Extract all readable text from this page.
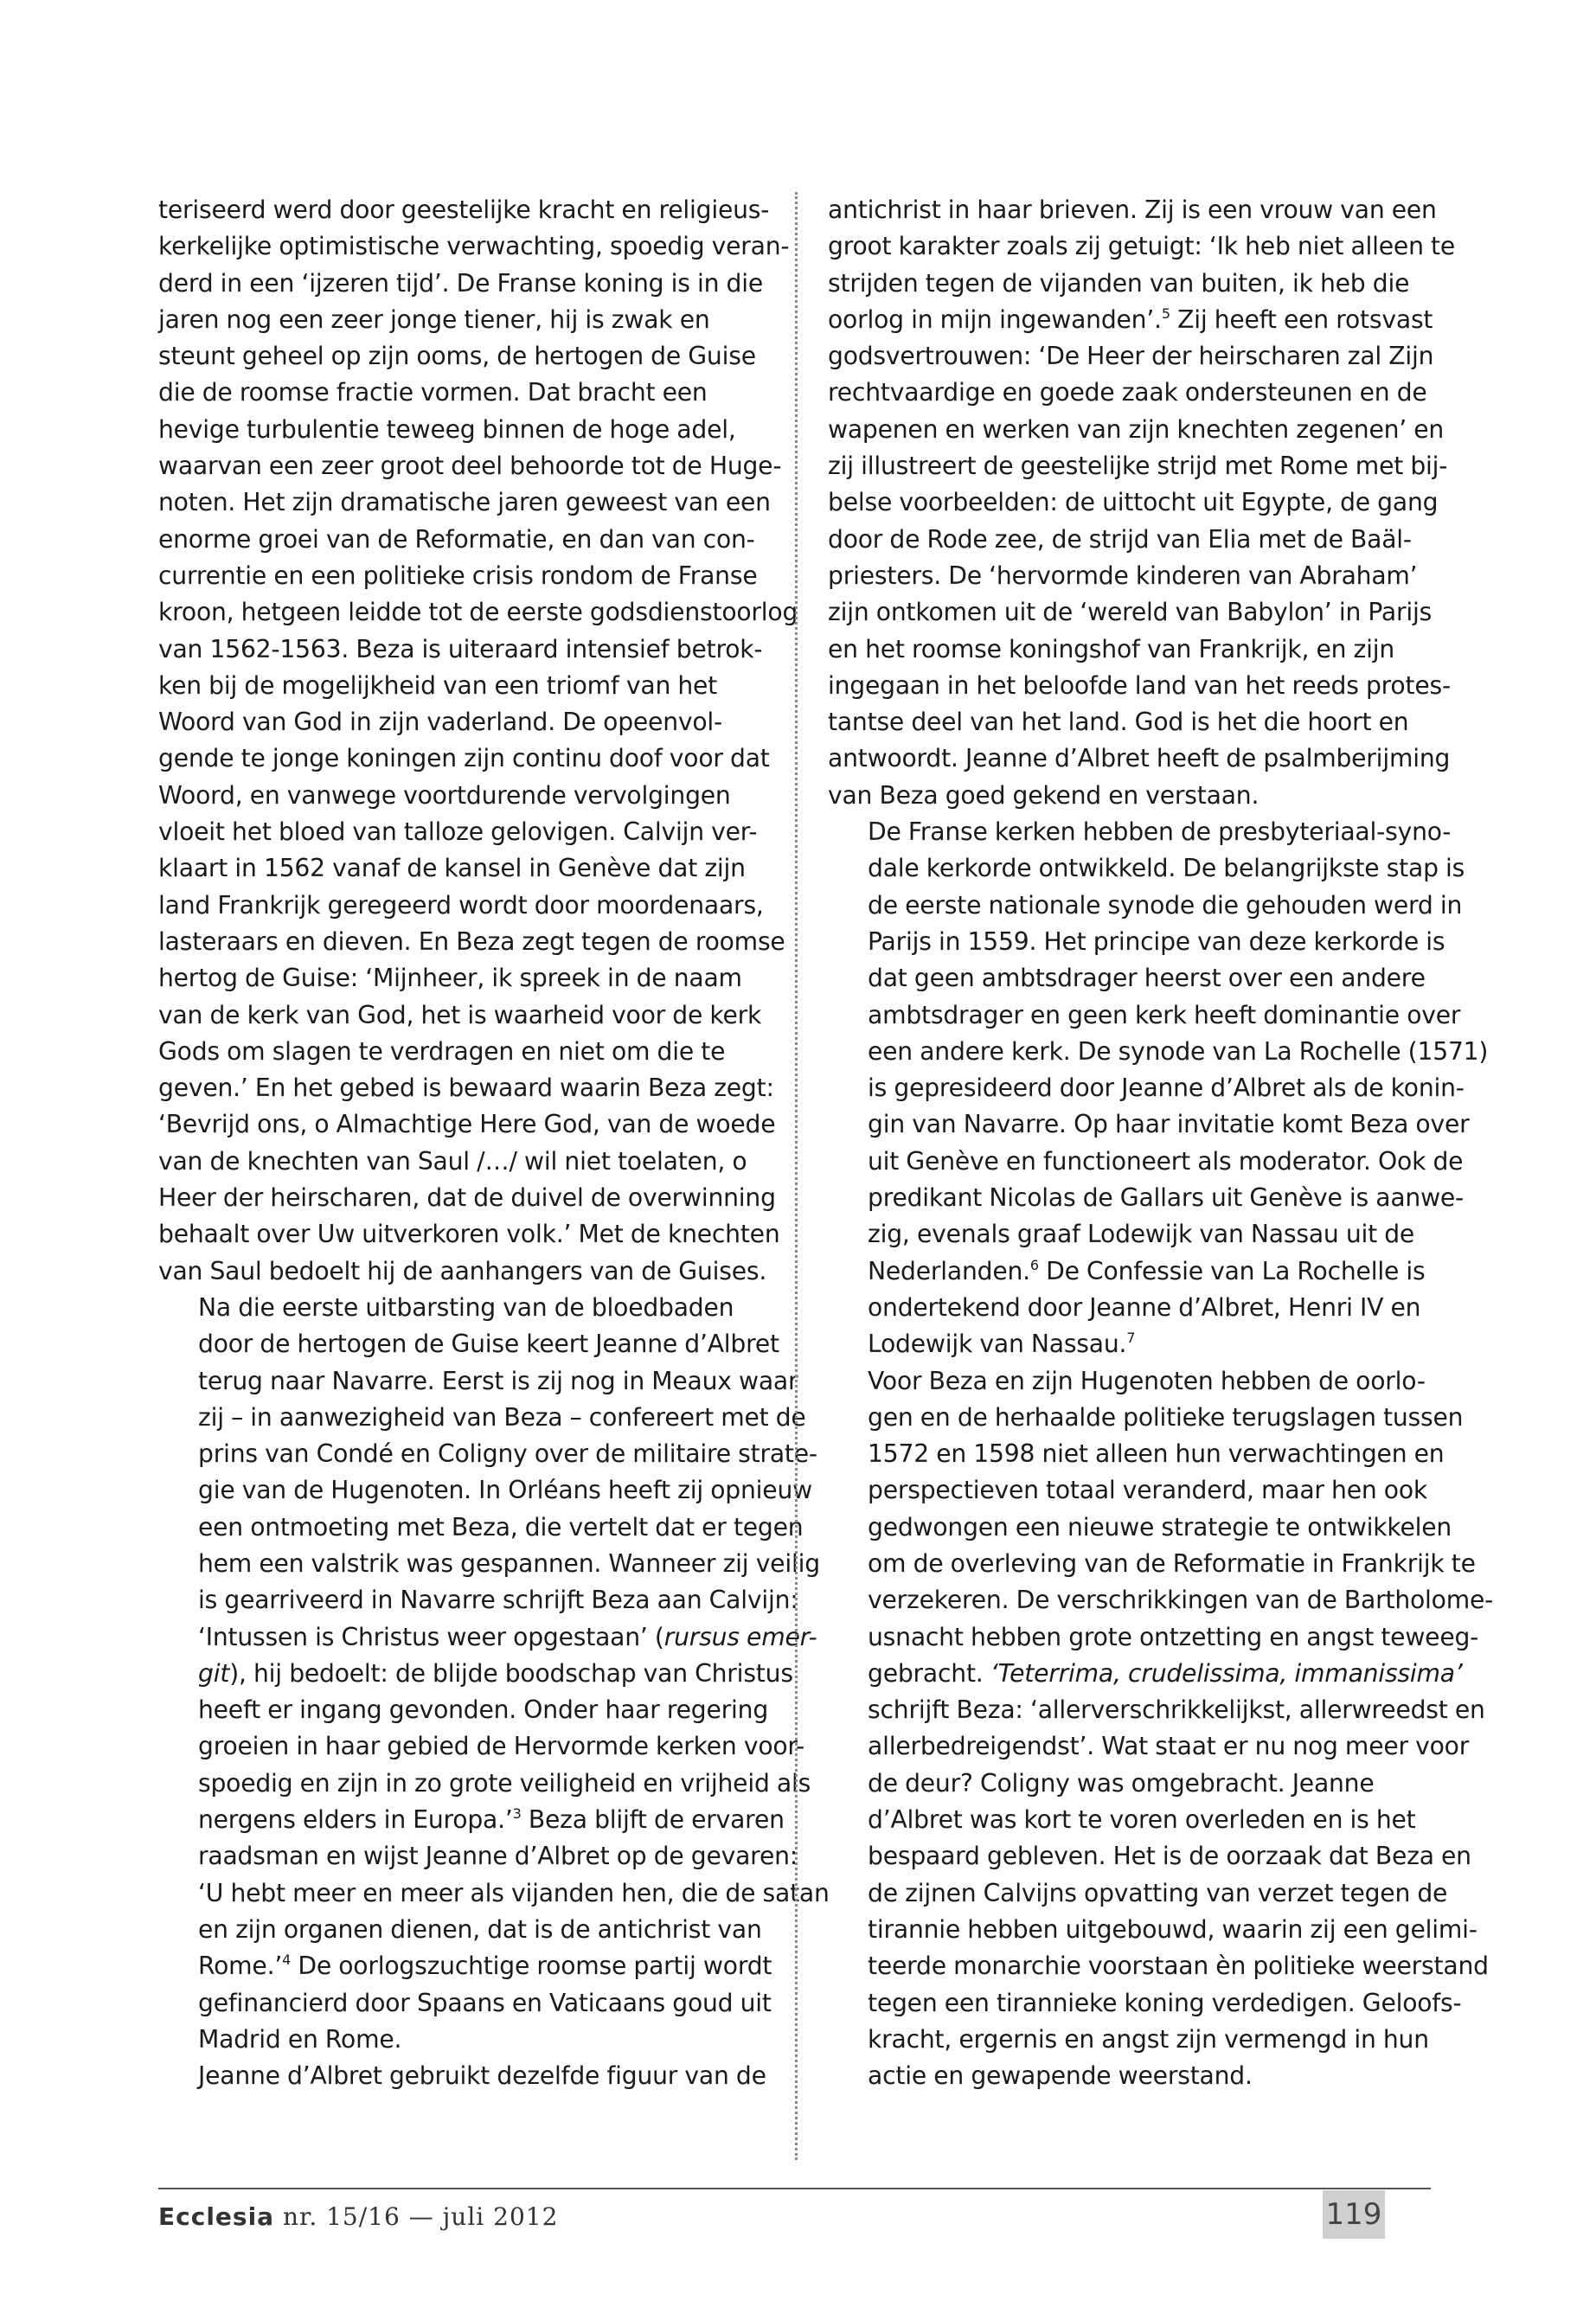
teriseerd werd door geestelijke kracht en religieus-
kerkelijke optimistische verwachting, spoedig veran-
derd in een ‘ijzeren tijd’. De Franse koning is in die
jaren nog een zeer jonge tiener, hij is zwak en
steunt geheel op zijn ooms, de hertogen de Guise
die de roomse fractie vormen. Dat bracht een
hevige turbulentie teweeg binnen de hoge adel,
waarvan een zeer groot deel behoorde tot de Huge-
noten. Het zijn dramatische jaren geweest van een
enorme groei van de Reformatie, en dan van con-
currentie en een politieke crisis rondom de Franse
kroon, hetgeen leidde tot de eerste godsdienstoorlog
van 1562-1563. Beza is uiteraard intensief betrok-
ken bij de mogelijkheid van een triomf van het
Woord van God in zijn vaderland. De opeenvol-
gende te jonge koningen zijn continu doof voor dat
Woord, en vanwege voortdurende vervolgingen
vloeit het bloed van talloze gelovigen. Calvijn ver-
klaart in 1562 vanaf de kansel in Genève dat zijn
land Frankrijk geregeerd wordt door moordenaars,
lasteraars en dieven. En Beza zegt tegen de roomse
hertog de Guise: ‘Mijnheer, ik spreek in de naam
van de kerk van God, het is waarheid voor de kerk
Gods om slagen te verdragen en niet om die te
geven.’ En het gebed is bewaard waarin Beza zegt:
‘Bevrijd ons, o Almachtige Here God, van de woede
van de knechten van Saul /…/ wil niet toelaten, o
Heer der heirscharen, dat de duivel de overwinning
behaalt over Uw uitverkoren volk.’ Met de knechten
van Saul bedoelt hij de aanhangers van de Guises.

Na die eerste uitbarsting van de bloedbaden
door de hertogen de Guise keert Jeanne d’Albret
terug naar Navarre. Eerst is zij nog in Meaux waar
zij – in aanwezigheid van Beza – confereert met de
prins van Condé en Coligny over de militaire strate-
gie van de Hugenoten. In Orléans heeft zij opnieuw
een ontmoeting met Beza, die vertelt dat er tegen
hem een valstrik was gespannen. Wanneer zij veilig
is gearriveerd in Navarre schrijft Beza aan Calvijn:
‘Intussen is Christus weer opgestaan’ (rursus emer-
git), hij bedoelt: de blijde boodschap van Christus
heeft er ingang gevonden. Onder haar regering
groeien in haar gebied de Hervormde kerken voor-
spoedig en zijn in zo grote veiligheid en vrijheid als
nergens elders in Europa.’$^3$ Beza blijft de ervaren
raadsman en wijst Jeanne d’Albret op de gevaren:
‘U hebt meer en meer als vijanden hen, die de satan
en zijn organen dienen, dat is de antichrist van
Rome.’$^4$ De oorlogszuchtige roomse partij wordt
gefinancierd door Spaans en Vaticaans goud uit
Madrid en Rome.

Jeanne d’Albret gebruikt dezelfde figuur van de

antichrist in haar brieven. Zij is een vrouw van een
groot karakter zoals zij getuigt: ‘Ik heb niet alleen te
strijden tegen de vijanden van buiten, ik heb die
oorlog in mijn ingewanden’.$^5$ Zij heeft een rotsvast
godsvertrouwen: ‘De Heer der heirscharen zal Zijn
rechtvaardige en goede zaak ondersteunen en de
wapenen en werken van zijn knechten zegenen’ en
zij illustreert de geestelijke strijd met Rome met bij-
belse voorbeelden: de uittocht uit Egypte, de gang
door de Rode zee, de strijd van Elia met de Baäl-
priesters. De ‘hervormde kinderen van Abraham’
zijn ontkomen uit de ‘wereld van Babylon’ in Parijs
en het roomse koningshof van Frankrijk, en zijn
ingegaan in het beloofde land van het reeds protes-
tantse deel van het land. God is het die hoort en
antwoordt. Jeanne d’Albret heeft de psalmberijming
van Beza goed gekend en verstaan.

De Franse kerken hebben de presbyteriaal-syno-
dale kerkorde ontwikkeld. De belangrijkste stap is
de eerste nationale synode die gehouden werd in
Parijs in 1559. Het principe van deze kerkorde is
dat geen ambtsdrager heerst over een andere
ambtsdrager en geen kerk heeft dominantie over
een andere kerk. De synode van La Rochelle (1571)
is gepresideerd door Jeanne d’Albret als de konin-
gin van Navarre. Op haar invitatie komt Beza over
uit Genève en functioneert als moderator. Ook de
predikant Nicolas de Gallars uit Genève is aanwe-
zig, evenals graaf Lodewijk van Nassau uit de
Nederlanden.$^6$ De Confessie van La Rochelle is
ondertekend door Jeanne d’Albret, Henri IV en
Lodewijk van Nassau.$^7$

Voor Beza en zijn Hugenoten hebben de oorlo-
gen en de herhaalde politieke terugslagen tussen
1572 en 1598 niet alleen hun verwachtingen en
perspectieven totaal veranderd, maar hen ook
gedwongen een nieuwe strategie te ontwikkelen
om de overleving van de Reformatie in Frankrijk te
verzekeren. De verschrikkingen van de Bartholome-
usnacht hebben grote ontzetting en angst teweeg-
gebracht. ‘Teterrima, crudelissima, immanissima’
schrijft Beza: ‘allerverschrikkelijkst, allerwreedst en
allerbedreigendst’. Wat staat er nu nog meer voor
de deur? Coligny was omgebracht. Jeanne
d’Albret was kort te voren overleden en is het
bespaard gebleven. Het is de oorzaak dat Beza en
de zijnen Calvijns opvatting van verzet tegen de
tirannie hebben uitgebouwd, waarin zij een gelimi-
teerde monarchie voorstaan èn politieke weerstand
tegen een tirannieke koning verdedigen. Geloofs-
kracht, ergernis en angst zijn vermengd in hun
actie en gewapende weerstand.

Ecclesia nr. 15/16 — juli 2012	119
